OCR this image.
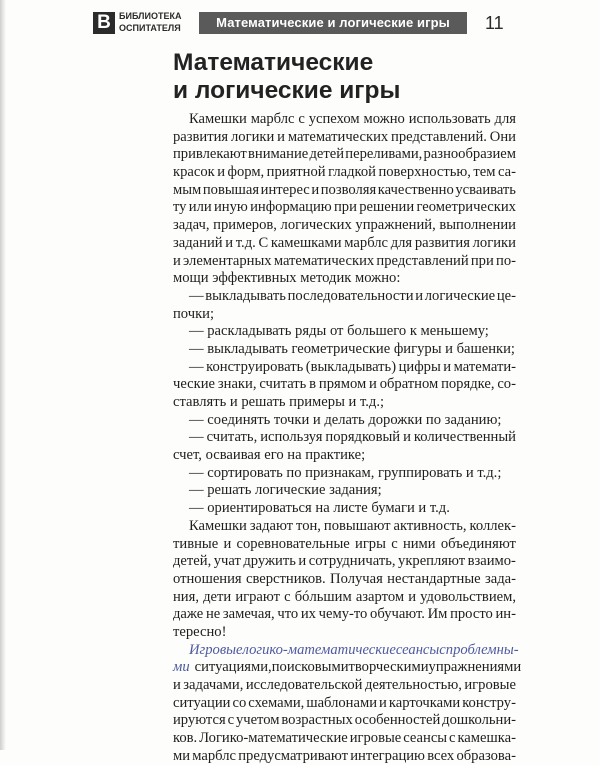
В БИБЛИОТЕКА
ОСПИТАТЕЛЯ	Математические и логические игры	11
Математические
и логические игры
Камешки марблс с успехом можно использовать для
развития логики и математических представлений. Они
привлекают внимание детей переливами, разнообразием
красок и форм, приятной гладкой поверхностью, тем са-
мым повышая интерес и позволяя качественно усваивать
ту или иную информацию при решении геометрических
задач, примеров, логических упражнений, выполнении
заданий и т.д. С камешками марблс для развития логики
и элементарных математических представлений при по-
мощи эффективных методик можно:
— выкладывать последовательности и логические це-
почки;
— раскладывать ряды от большего к меньшему;
— выкладывать геометрические фигуры и башенки;
— конструировать (выкладывать) цифры и математи-
ческие знаки, считать в прямом и обратном порядке, со-
ставлять и решать примеры и т.д.;
— соединять точки и делать дорожки по заданию;
— считать, используя порядковый и количественный
счет, осваивая его на практике;
— сортировать по признакам, группировать и т.д.;
— решать логические задания;
— ориентироваться на листе бумаги и т.д.
Камешки задают тон, повышают активность, коллек-
тивные и соревновательные игры с ними объединяют
детей, учат дружить и сотрудничать, укрепляют взаимо-
отношения сверстников. Получая нестандартные зада-
ния, дети играют с бóльшим азартом и удовольствием,
даже не замечая, что их чему-то обучают. Им просто ин-
тересно!
Игровые логико-математические сеансы с проблемны-
ми ситуациями, поисковыми творческими упражнениями
и задачами, исследовательской деятельностью, игровые
ситуации со схемами, шаблонами и карточками констру-
ируются с учетом возрастных особенностей дошкольни-
ков. Логико-математические игровые сеансы с камешка-
ми марблс предусматривают интеграцию всех образова-
